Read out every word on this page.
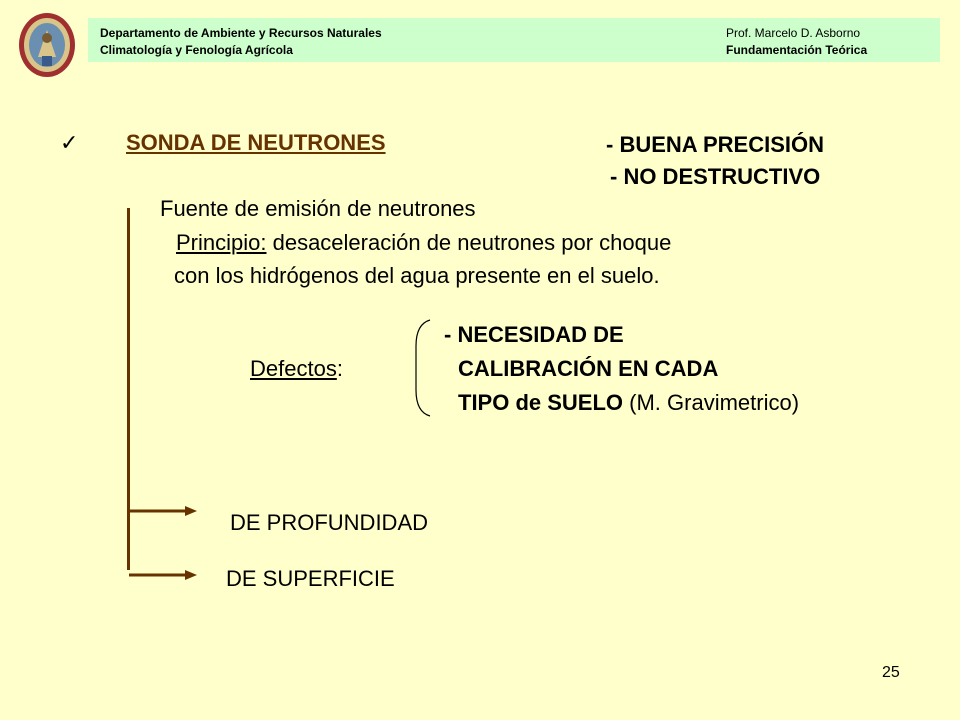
Departamento de Ambiente y Recursos Naturales
Climatología y Fenología Agrícola
Prof. Marcelo D. Asborno
Fundamentación Teórica
✓ SONDA DE NEUTRONES	- BUENA PRECISIÓN
- NO DESTRUCTIVO
Fuente de emisión de neutrones
Principio: desaceleración de neutrones por choque
con los hidrógenos del agua presente en el suelo.
- NECESIDAD DE
Defectos:	CALIBRACIÓN EN CADA
TIPO de SUELO (M. Gravimetrico)
DE PROFUNDIDAD
DE SUPERFICIE
25
